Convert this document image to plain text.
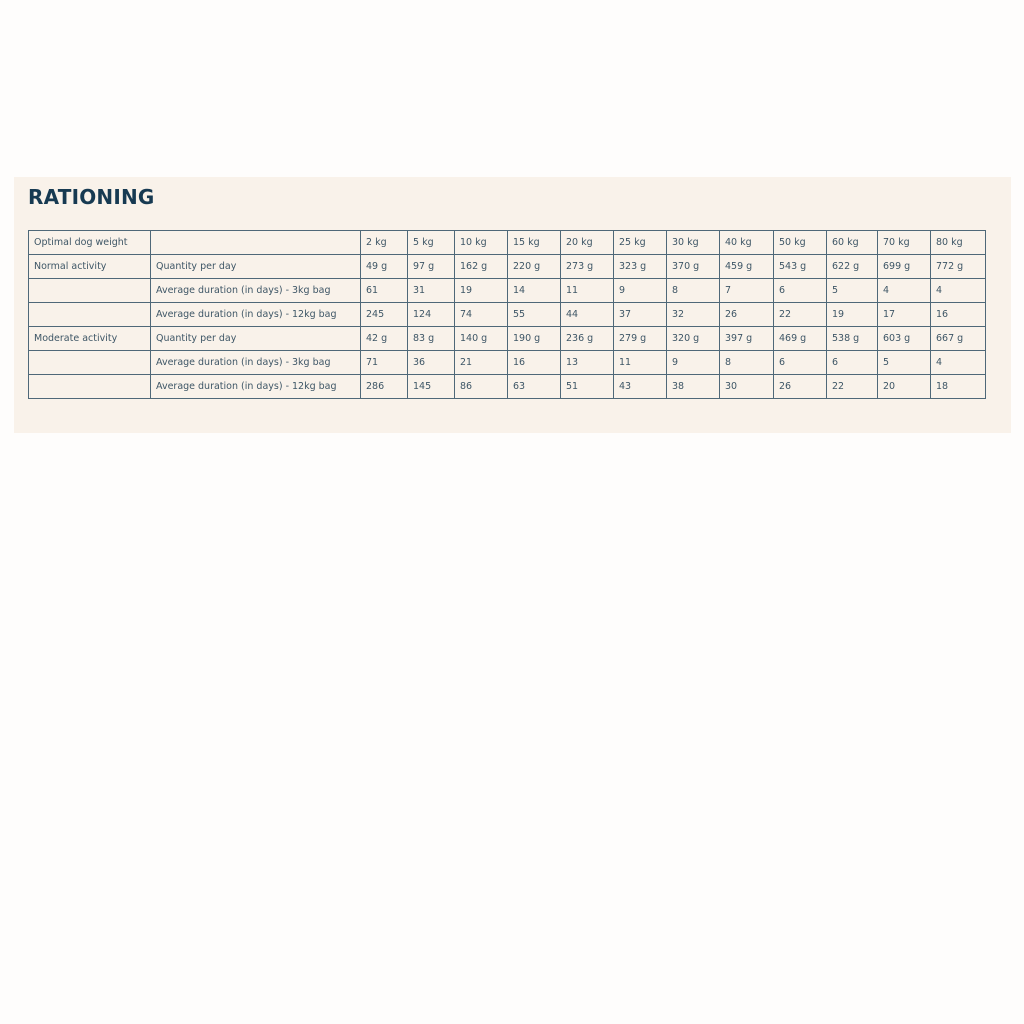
RATIONING
Optimal dog weight		2 kg	5 kg	10 kg	15 kg	20 kg	25 kg	30 kg	40 kg	50 kg	60 kg	70 kg	80 kg
Normal activity	Quantity per day	49 g	97 g	162 g	220 g	273 g	323 g	370 g	459 g	543 g	622 g	699 g	772 g
	Average duration (in days) - 3kg bag	61	31	19	14	11	9	8	7	6	5	4	4
	Average duration (in days) - 12kg bag	245	124	74	55	44	37	32	26	22	19	17	16
Moderate activity	Quantity per day	42 g	83 g	140 g	190 g	236 g	279 g	320 g	397 g	469 g	538 g	603 g	667 g
	Average duration (in days) - 3kg bag	71	36	21	16	13	11	9	8	6	6	5	4
	Average duration (in days) - 12kg bag	286	145	86	63	51	43	38	30	26	22	20	18
